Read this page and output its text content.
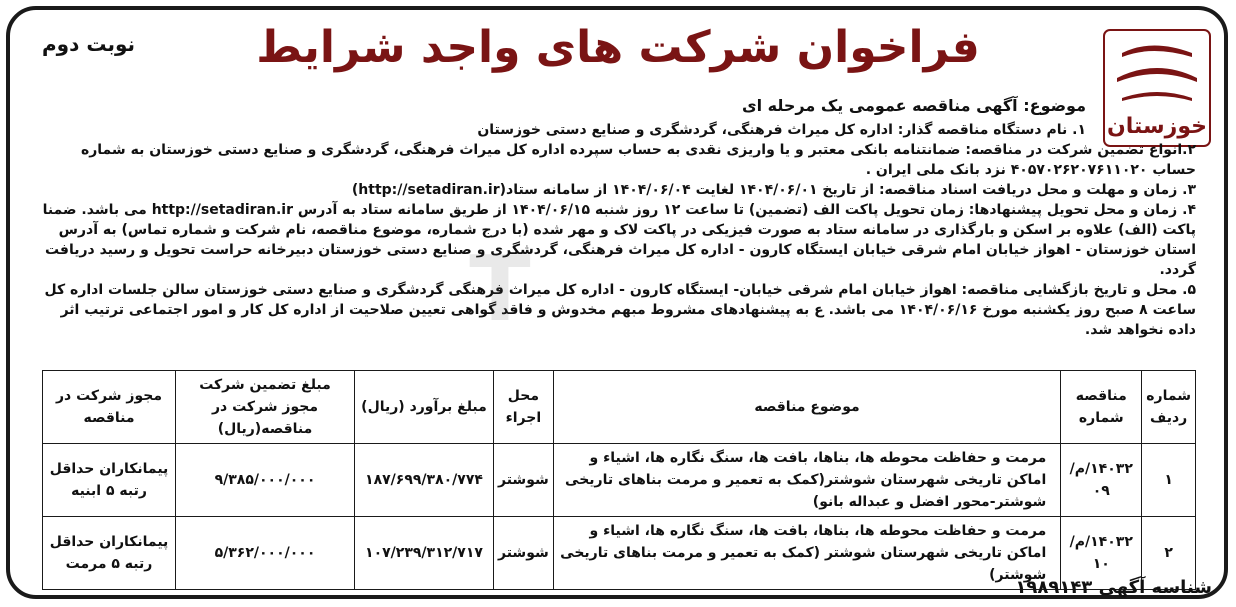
خوزستان
فراخوان شرکت های واجد شرایط
نوبت دوم
موضوع: آگهی مناقصه عمومی یک مرحله ای

۱. نام دستگاه مناقصه گذار: اداره کل میراث فرهنگی، گردشگری و صنایع دستی خوزستان

۲.انواع تضمین شرکت در مناقصه: ضمانتنامه بانکی معتبر و یا واریزی نقدی به حساب سپرده اداره کل میراث فرهنگی، گردشگری و صنایع دستی خوزستان به شماره حساب ۴۰۵۷۰۲۶۲۰۷۶۱۱۰۲۰ نزد بانک ملی ایران .

۳. زمان و مهلت و محل دریافت اسناد مناقصه: از تاریخ ۱۴۰۴/۰۶/۰۱ لغایت ۱۴۰۴/۰۶/۰۴ از سامانه ستاد(http://setadiran.ir)

۴. زمان و محل تحویل پیشنهادها: زمان تحویل پاکت الف (تضمین) تا ساعت ۱۲ روز شنبه ۱۴۰۴/۰۶/۱۵ از طریق سامانه ستاد به آدرس http://setadiran.ir می باشد. ضمنا پاکت (الف) علاوه بر اسکن و بارگذاری در سامانه ستاد به صورت فیزیکی در پاکت لاک و مهر شده (با درج شماره، موضوع مناقصه، نام شرکت و شماره تماس) به آدرس استان خوزستان - اهواز خیابان امام شرقی خیابان ایستگاه کارون - اداره کل میراث فرهنگی، گردشگری و صنایع دستی خوزستان دبیرخانه حراست تحویل و رسید دریافت گردد.

۵. محل و تاریخ بازگشایی مناقصه: اهواز خیابان امام شرقی خیابان- ایستگاه کارون - اداره کل میراث فرهنگی گردشگری و صنایع دستی خوزستان سالن جلسات اداره کل ساعت ۸ صبح روز یکشنبه مورخ ۱۴۰۴/۰۶/۱۶ می باشد. ع به پیشنهادهای مشروط مبهم مخدوش و فاقد گواهی تعیین صلاحیت از اداره کل کار و امور اجتماعی ترتیب اثر داده نخواهد شد.

شماره ردیف	مناقصه شماره	موضوع مناقصه	محل اجراء	مبلغ برآورد (ریال)	مبلغ تضمین شرکت مجوز شرکت در مناقصه(ریال)	مجوز شرکت در مناقصه
۱	۱۴۰۳۲/م/۰۹	مرمت و حفاظت محوطه ها، بناها، بافت ها، سنگ نگاره ها، اشیاء و اماکن تاریخی شهرستان شوشتر(کمک به تعمیر و مرمت بناهای تاریخی شوشتر-محور افضل و عبداله بانو)	شوشتر	۱۸۷/۶۹۹/۳۸۰/۷۷۴	۹/۳۸۵/۰۰۰/۰۰۰	پیمانکاران حداقل رتبه ۵ ابنیه
۲	۱۴۰۳۲/م/۱۰	مرمت و حفاظت محوطه ها، بناها، بافت ها، سنگ نگاره ها، اشیاء و اماکن تاریخی شهرستان شوشتر (کمک به تعمیر و مرمت بناهای تاریخی شوشتر)	شوشتر	۱۰۷/۲۳۹/۳۱۲/۷۱۷	۵/۳۶۲/۰۰۰/۰۰۰	پیمانکاران حداقل رتبه ۵ مرمت
شناسه آگهی ۱۹۸۹۱۴۳
T
